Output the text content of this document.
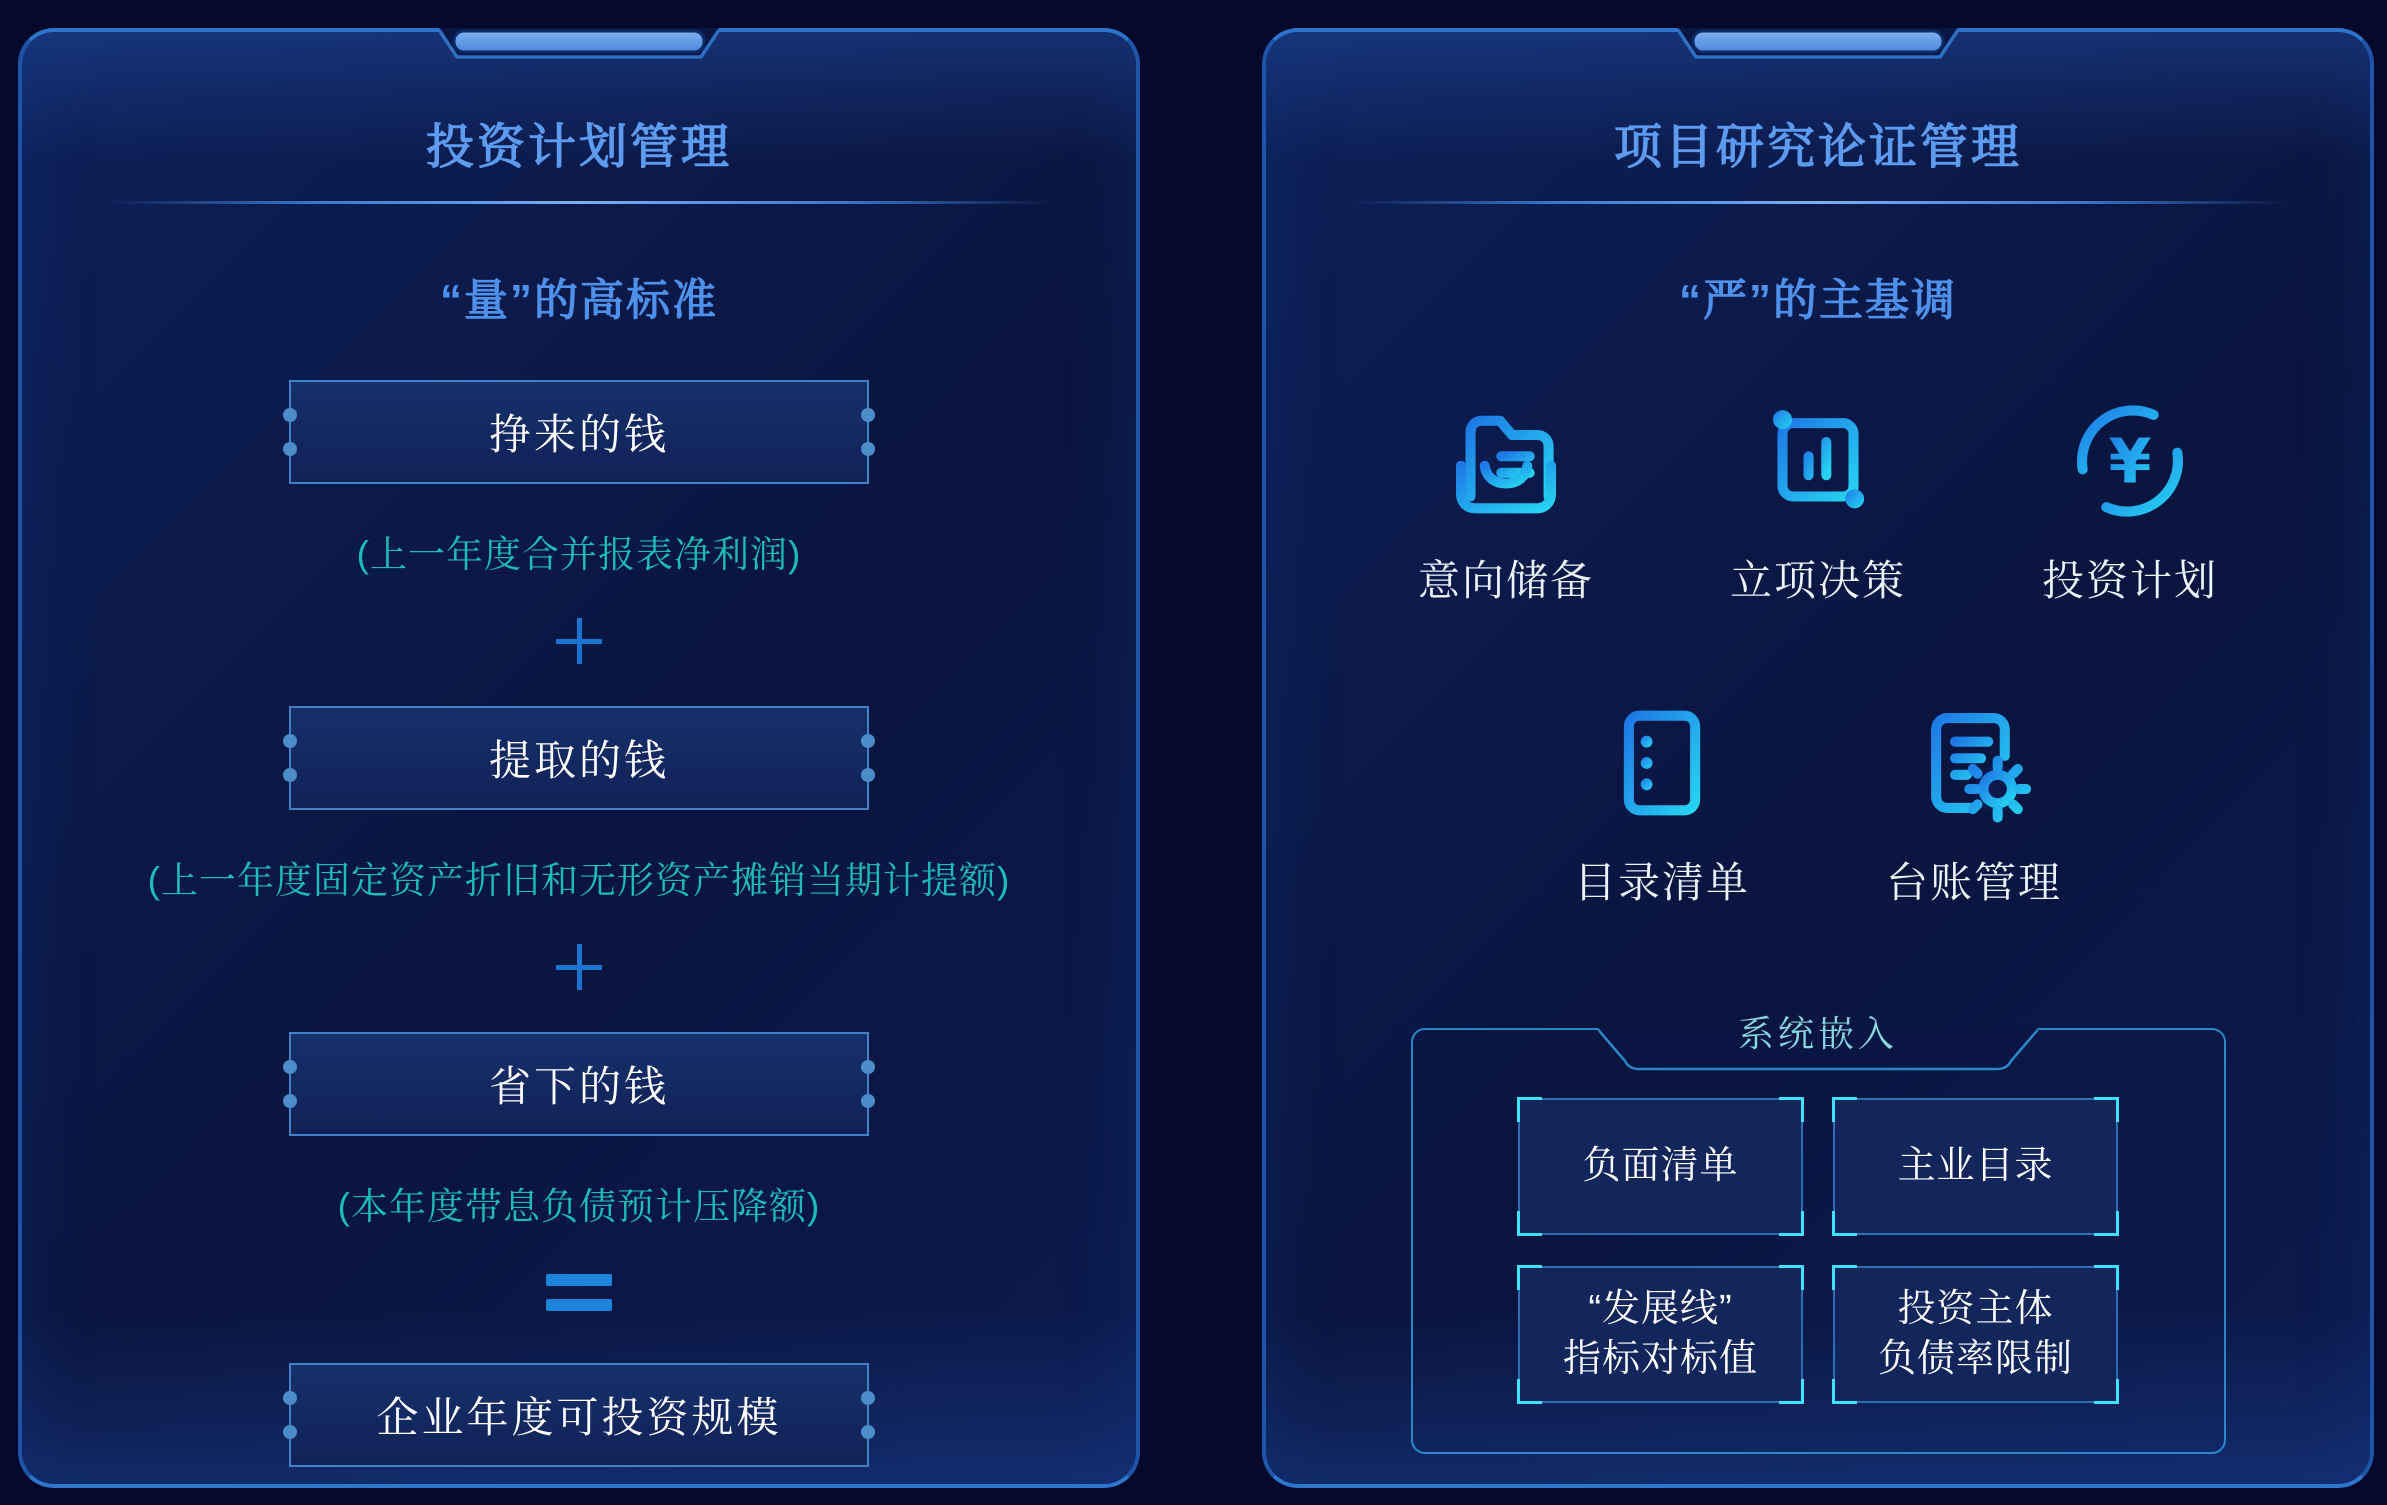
投资计划管理
“量”的高标准
挣来的钱

(上一年度合并报表净利润)

提取的钱

(上一年度固定资产折旧和无形资产摊销当期计提额)

省下的钱

(本年度带息负债预计压降额)

企业年度可投资规模
项目研究论证管理
“严”的主基调
意向储备	立项决策
¥
投资计划
目录清单	台账管理
系统嵌入
负面清单	主业目录
“发展线”
指标对标值
投资主体
负债率限制
